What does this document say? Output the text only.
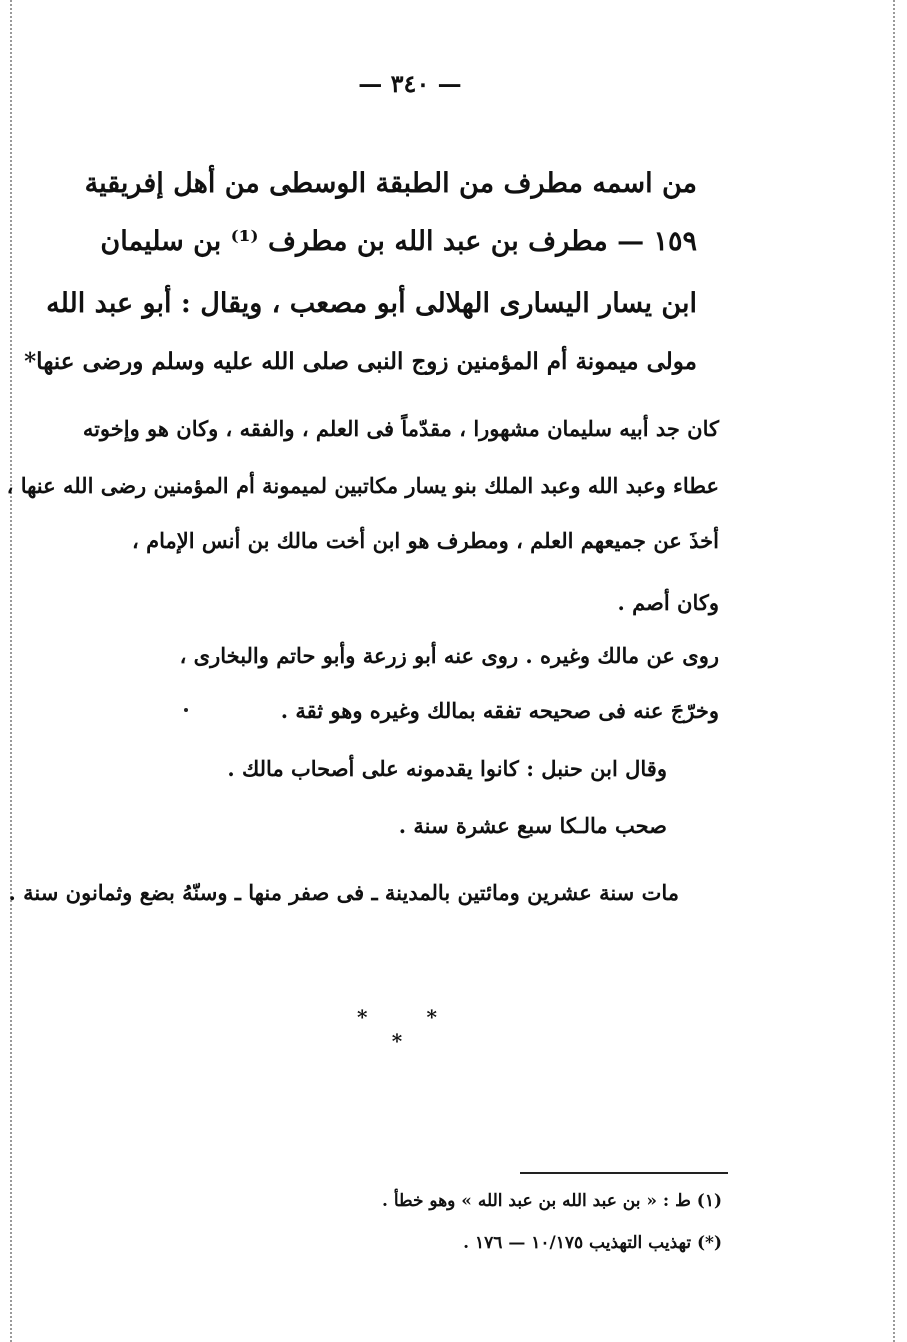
— ٣٤٠ —
من اسمه مطرف من الطبقة الوسطى من أهل إفريقية
١٥٩ — مطرف بن عبد الله بن مطرف ⁽¹⁾ بن سليمان
ابن يسار اليسارى الهلالى أبو مصعب ، ويقال : أبو عبد الله
مولى ميمونة أم المؤمنين زوج النبى صلى الله عليه وسلم ورضى عنها*
كان جد أبيه سليمان مشهورا ، مقدّماً فى العلم ، والفقه ، وكان هو وإخوته
عطاء وعبد الله وعبد الملك بنو يسار مكاتبين لميمونة أم المؤمنين رضى الله عنها ،
أخذَ عن جميعهم العلم ، ومطرف هو ابن أخت مالك بن أنس الإمام ،
وكان أصم .
روى عن مالك وغيره . روى عنه أبو زرعة وأبو حاتم والبخارى ،
وخرّجَ عنه فى صحيحه تفقه بمالك وغيره وهو ثقة .
وقال ابن حنبل : كانوا يقدمونه على أصحاب مالك .
صحب مالـكا سبع عشرة سنة .
مات سنة عشرين ومائتين بالمدينة ـ فى صفر منها ـ وسنّهُ بضع وثمانون سنة .
* * *
(١) ط : « بن عبد الله بن عبد الله » وهو خطأ .
(*) تهذيب التهذيب ١٠/١٧٥ — ١٧٦ .
